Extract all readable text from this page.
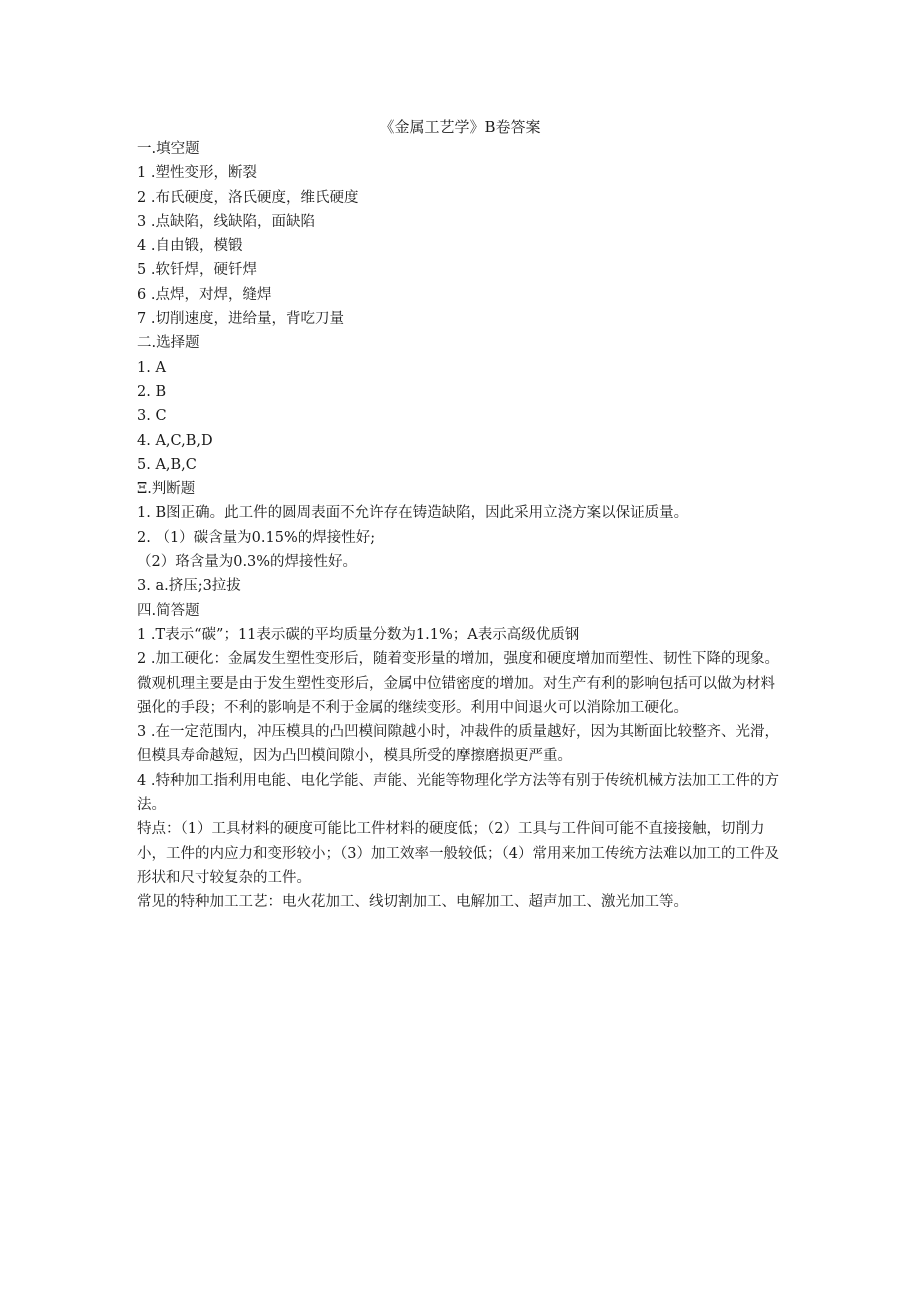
《金属工艺学》B卷答案
一.填空题
1 .塑性变形，断裂
2 .布氏硬度，洛氏硬度，维氏硬度
3 .点缺陷，线缺陷，面缺陷
4 .自由锻，模锻
5 .软钎焊，硬钎焊
6 .点焊，对焊，缝焊
7 .切削速度，进给量，背吃刀量
二.选择题
1. A
2. B
3. C
4. A,C,B,D
5. A,B,C
Ξ.判断题
1. B图正确。此工件的圆周表面不允许存在铸造缺陷，因此采用立浇方案以保证质量。
2. （1）碳含量为0.15%的焊接性好;
（2）珞含量为0.3%的焊接性好。
3. a.挤压;3拉拔
四.简答题
1 .T表示“碳”；11表示碳的平均质量分数为1.1%；A表示高级优质钢
2 .加工硬化：金属发生塑性变形后，随着变形量的增加，强度和硬度增加而塑性、韧性下降的现象。微观机理主要是由于发生塑性变形后，金属中位错密度的增加。对生产有利的影响包括可以做为材料强化的手段；不利的影响是不利于金属的继续变形。利用中间退火可以消除加工硬化。
3 .在一定范围内，冲压模具的凸凹模间隙越小时，冲裁件的质量越好，因为其断面比较整齐、光滑，但模具寿命越短，因为凸凹模间隙小，模具所受的摩擦磨损更严重。
4 .特种加工指利用电能、电化学能、声能、光能等物理化学方法等有别于传统机械方法加工工件的方法。
特点：（1）工具材料的硬度可能比工件材料的硬度低；（2）工具与工件间可能不直接接触，切削力小，工件的内应力和变形较小；（3）加工效率一般较低；（4）常用来加工传统方法难以加工的工件及形状和尺寸较复杂的工件。
常见的特种加工工艺：电火花加工、线切割加工、电解加工、超声加工、激光加工等。
